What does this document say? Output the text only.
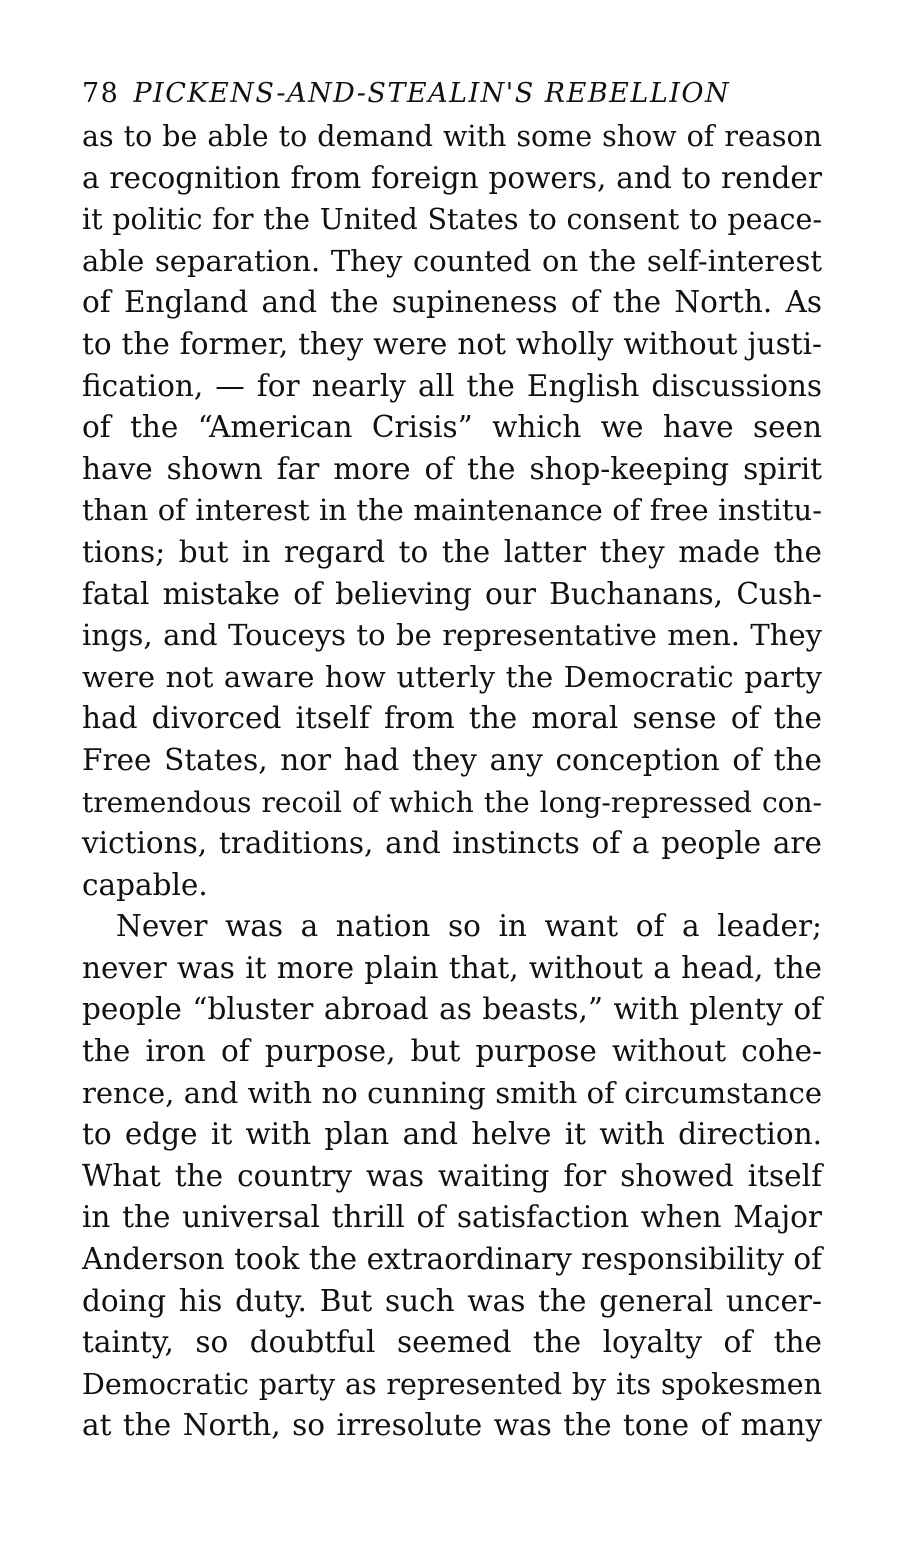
78 PICKENS-AND-STEALIN'S REBELLION
as to be able to demand with some show of reason
a recognition from foreign powers, and to render
it politic for the United States to consent to peace-
able separation. They counted on the self-interest
of England and the supineness of the North. As
to the former, they were not wholly without justi-
fication, — for nearly all the English discussions
of the “American Crisis” which we have seen
have shown far more of the shop-keeping spirit
than of interest in the maintenance of free institu-
tions; but in regard to the latter they made the
fatal mistake of believing our Buchanans, Cush-
ings, and Touceys to be representative men. They
were not aware how utterly the Democratic party
had divorced itself from the moral sense of the
Free States, nor had they any conception of the
tremendous recoil of which the long-repressed con-
victions, traditions, and instincts of a people are
capable.
Never was a nation so in want of a leader;
never was it more plain that, without a head, the
people “bluster abroad as beasts,” with plenty of
the iron of purpose, but purpose without cohe-
rence, and with no cunning smith of circumstance
to edge it with plan and helve it with direction.
What the country was waiting for showed itself
in the universal thrill of satisfaction when Major
Anderson took the extraordinary responsibility of
doing his duty. But such was the general uncer-
tainty, so doubtful seemed the loyalty of the
Democratic party as represented by its spokesmen
at the North, so irresolute was the tone of many
